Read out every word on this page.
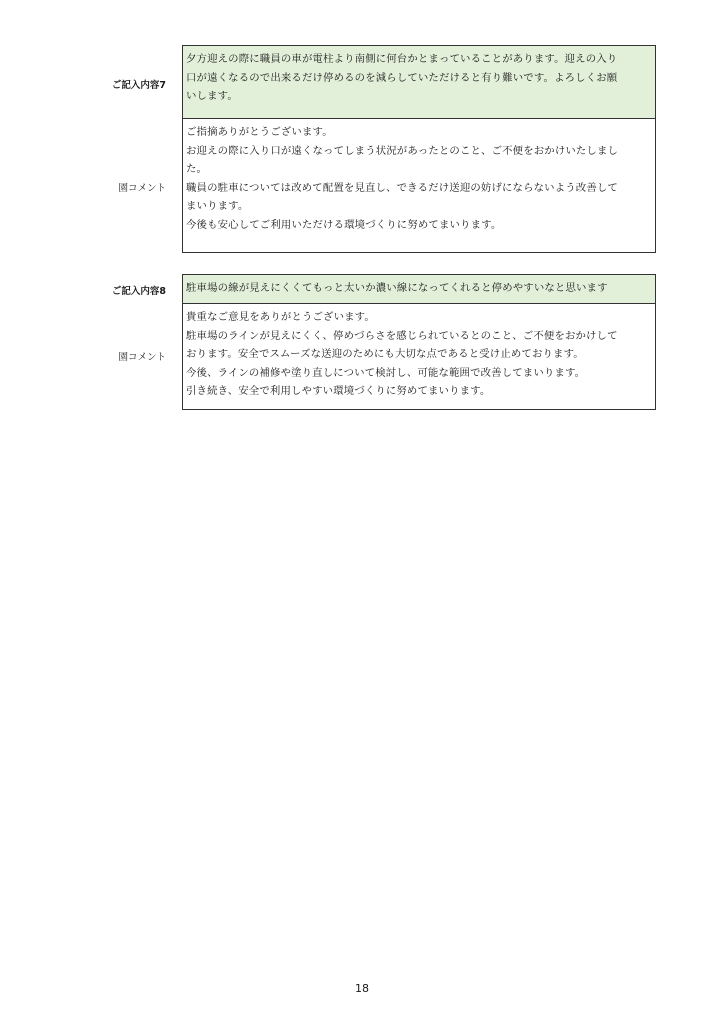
ご記入内容7

夕方迎えの際に職員の車が電柱より南側に何台かとまっていることがあります。迎えの入り

口が遠くなるので出来るだけ停めるのを減らしていただけると有り難いです。よろしくお願

いします。

園コメント

ご指摘ありがとうございます。

お迎えの際に入り口が遠くなってしまう状況があったとのこと、ご不便をおかけいたしまし

た。

職員の駐車については改めて配置を見直し、できるだけ送迎の妨げにならないよう改善して

まいります。

今後も安心してご利用いただける環境づくりに努めてまいります。

ご記入内容8 駐車場の線が見えにくくてもっと太いか濃い線になってくれると停めやすいなと思います

園コメント

貴重なご意見をありがとうございます。

駐車場のラインが見えにくく、停めづらさを感じられているとのこと、ご不便をおかけして

おります。安全でスムーズな送迎のためにも大切な点であると受け止めております。

今後、ラインの補修や塗り直しについて検討し、可能な範囲で改善してまいります。

引き続き、安全で利用しやすい環境づくりに努めてまいります。

18
